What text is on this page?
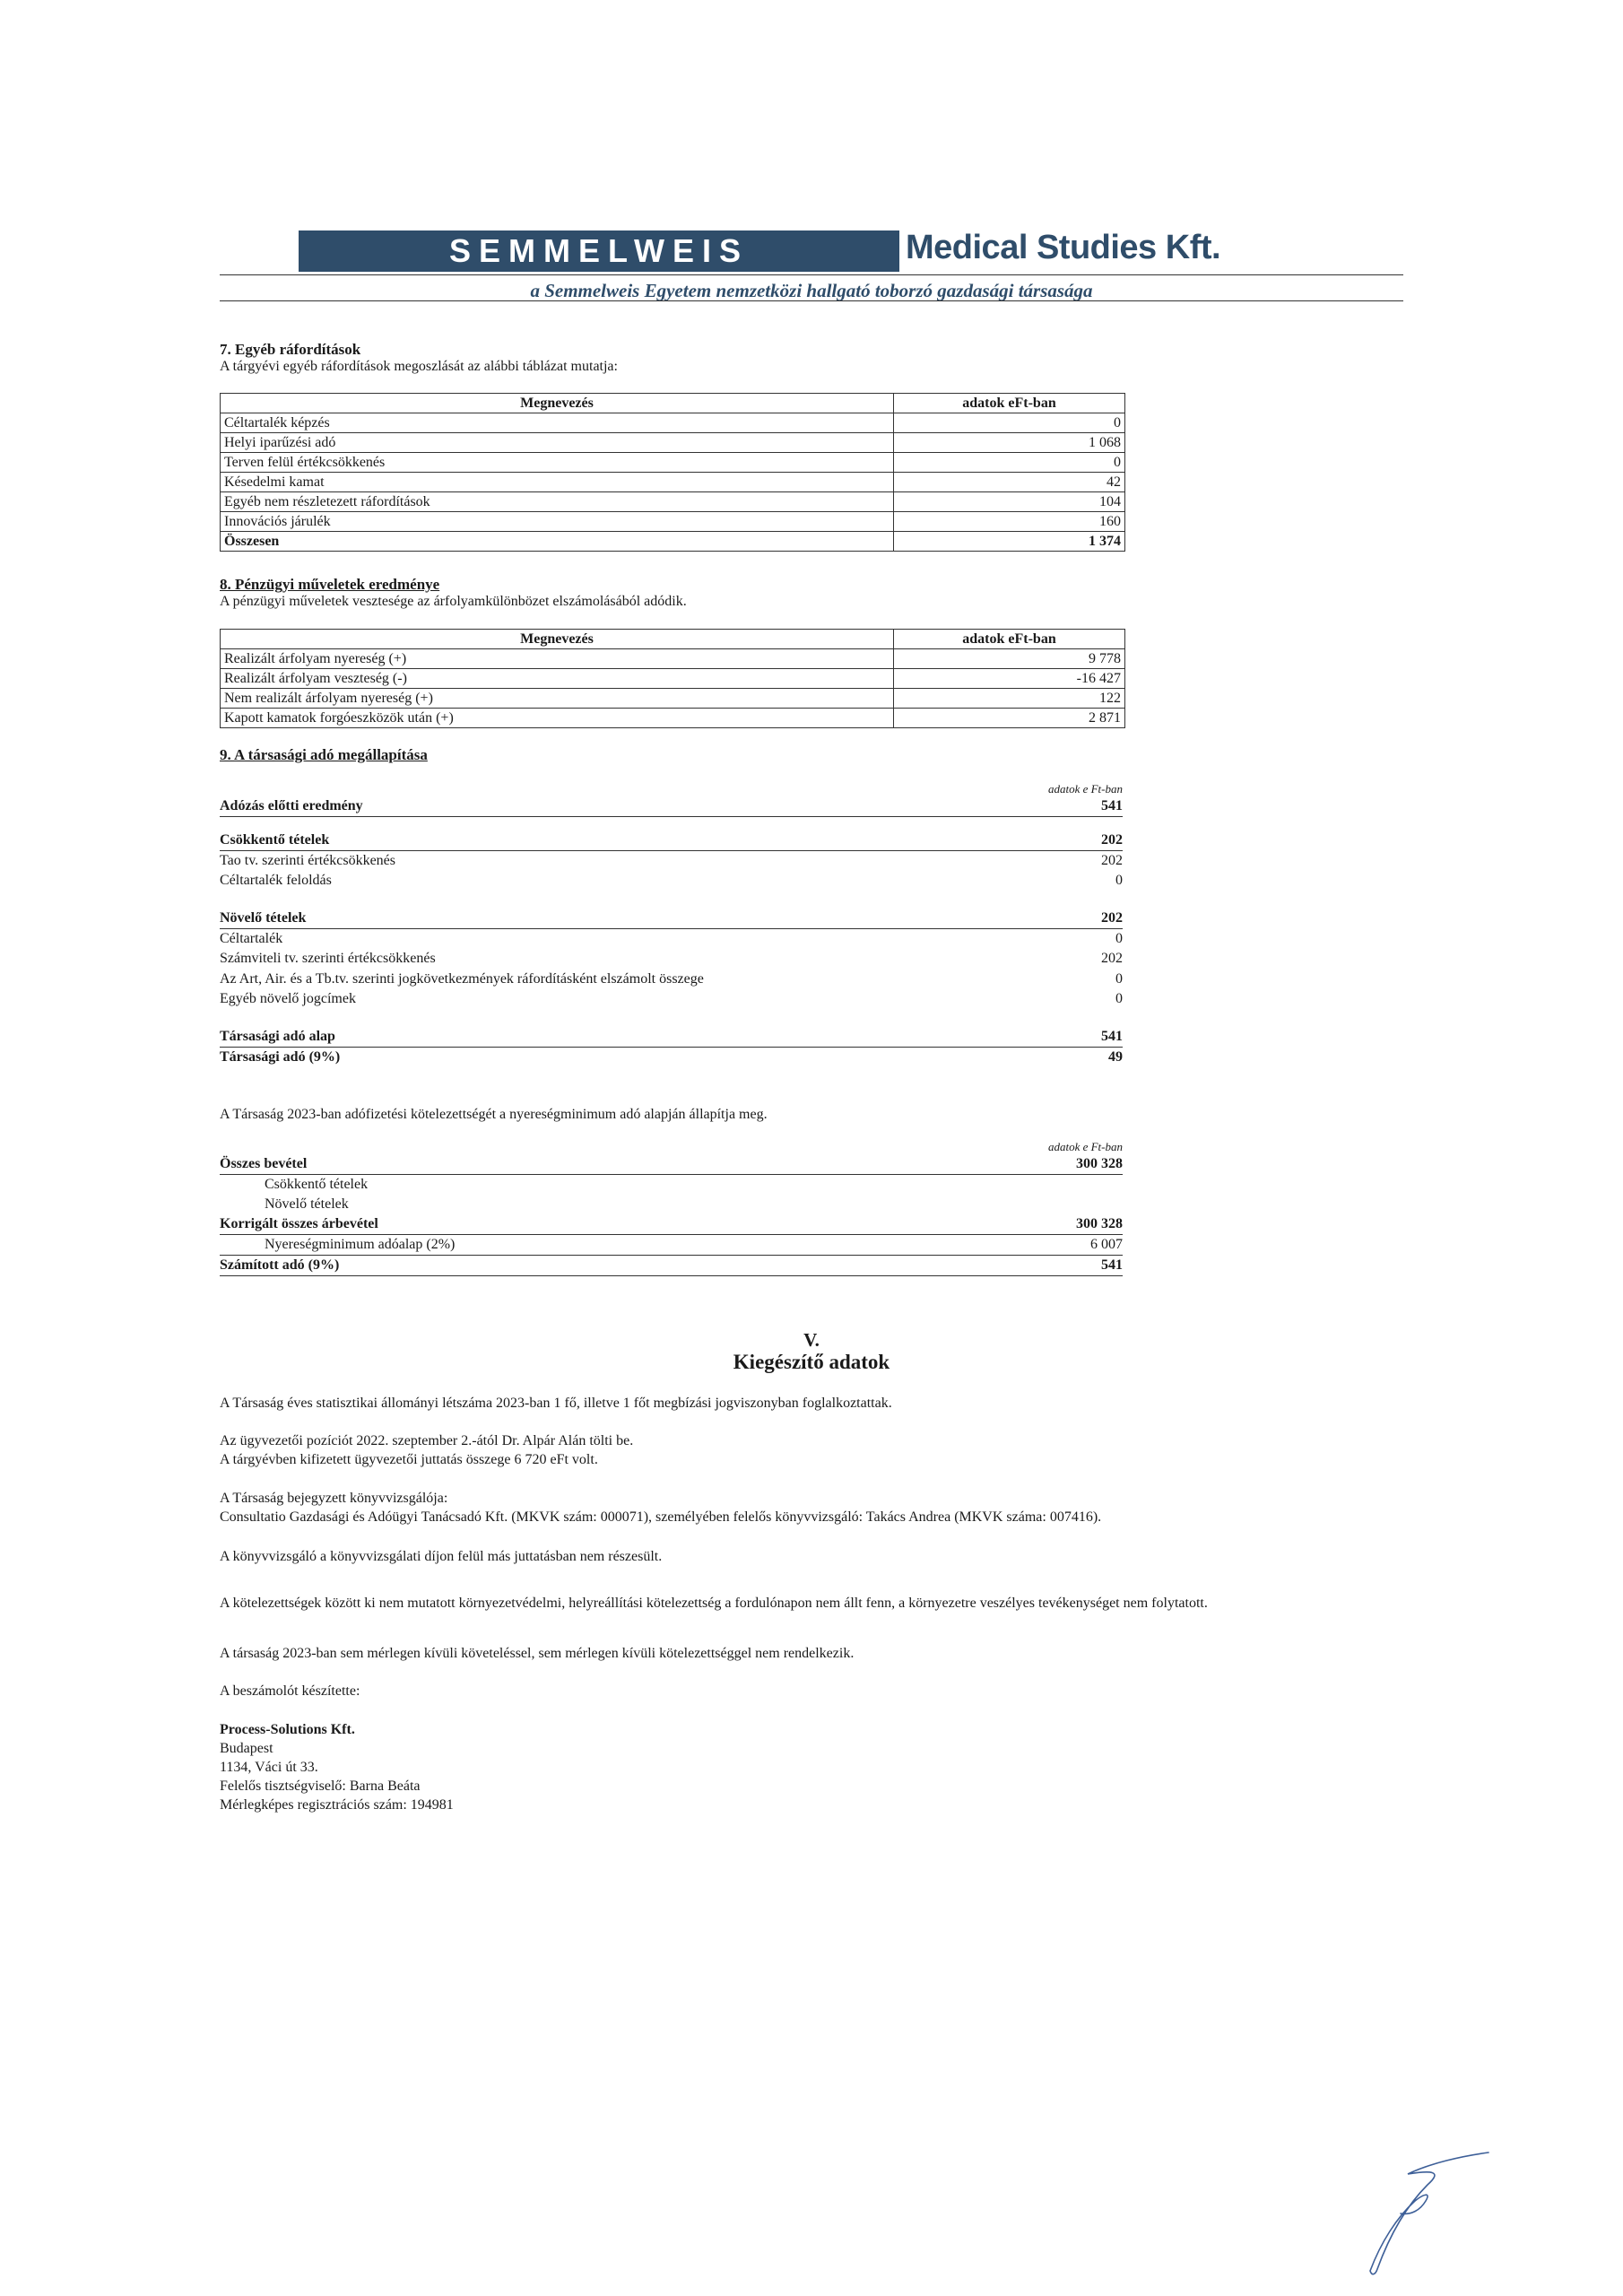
SEMMELWEIS	Medical Studies Kft.
a Semmelweis Egyetem nemzetközi hallgató toborzó gazdasági társasága
7. Egyéb ráfordítások
A tárgyévi egyéb ráfordítások megoszlását az alábbi táblázat mutatja:
Megnevezés	adatok eFt-ban
Céltartalék képzés	0
Helyi iparűzési adó	1 068
Terven felül értékcsökkenés	0
Késedelmi kamat	42
Egyéb nem részletezett ráfordítások	104
Innovációs járulék	160
Összesen	1 374
8. Pénzügyi műveletek eredménye
A pénzügyi műveletek vesztesége az árfolyamkülönbözet elszámolásából adódik.
Megnevezés	adatok eFt-ban
Realizált árfolyam nyereség (+)	9 778
Realizált árfolyam veszteség (-)	-16 427
Nem realizált árfolyam nyereség (+)	122
Kapott kamatok forgóeszközök után (+)	2 871
9. A társasági adó megállapítása
adatok e Ft-ban
Adózás előtti eredmény	541
Csökkentő tételek	202
Tao tv. szerinti értékcsökkenés	202
Céltartalék feloldás	0
Növelő tételek	202
Céltartalék	0
Számviteli tv. szerinti értékcsökkenés	202
Az Art, Air. és a Tb.tv. szerinti jogkövetkezmények ráfordításként elszámolt összege	0
Egyéb növelő jogcímek	0
Társasági adó alap	541
Társasági adó (9%)	49
A Társaság 2023-ban adófizetési kötelezettségét a nyereségminimum adó alapján állapítja meg.
adatok e Ft-ban
Összes bevétel	300 328
Csökkentő tételek
Növelő tételek
Korrigált összes árbevétel	300 328
Nyereségminimum adóalap (2%)	6 007
Számított adó (9%)	541
V.
Kiegészítő adatok
A Társaság éves statisztikai állományi létszáma 2023-ban 1 fő, illetve 1 főt megbízási jogviszonyban foglalkoztattak.
Az ügyvezetői pozíciót 2022. szeptember 2.-ától Dr. Alpár Alán tölti be.
A tárgyévben kifizetett ügyvezetői juttatás összege 6 720 eFt volt.
A Társaság bejegyzett könyvvizsgálója:
Consultatio Gazdasági és Adóügyi Tanácsadó Kft. (MKVK szám: 000071), személyében felelős könyvvizsgáló: Takács Andrea (MKVK száma: 007416).
A könyvvizsgáló a könyvvizsgálati díjon felül más juttatásban nem részesült.
A kötelezettségek között ki nem mutatott környezetvédelmi, helyreállítási kötelezettség a fordulónapon nem állt fenn, a környezetre veszélyes tevékenységet nem folytatott.
A társaság 2023-ban sem mérlegen kívüli követeléssel, sem mérlegen kívüli kötelezettséggel nem rendelkezik.
A beszámolót készítette:
Process-Solutions Kft.
Budapest
1134, Váci út 33.
Felelős tisztségviselő: Barna Beáta
Mérlegképes regisztrációs szám: 194981
